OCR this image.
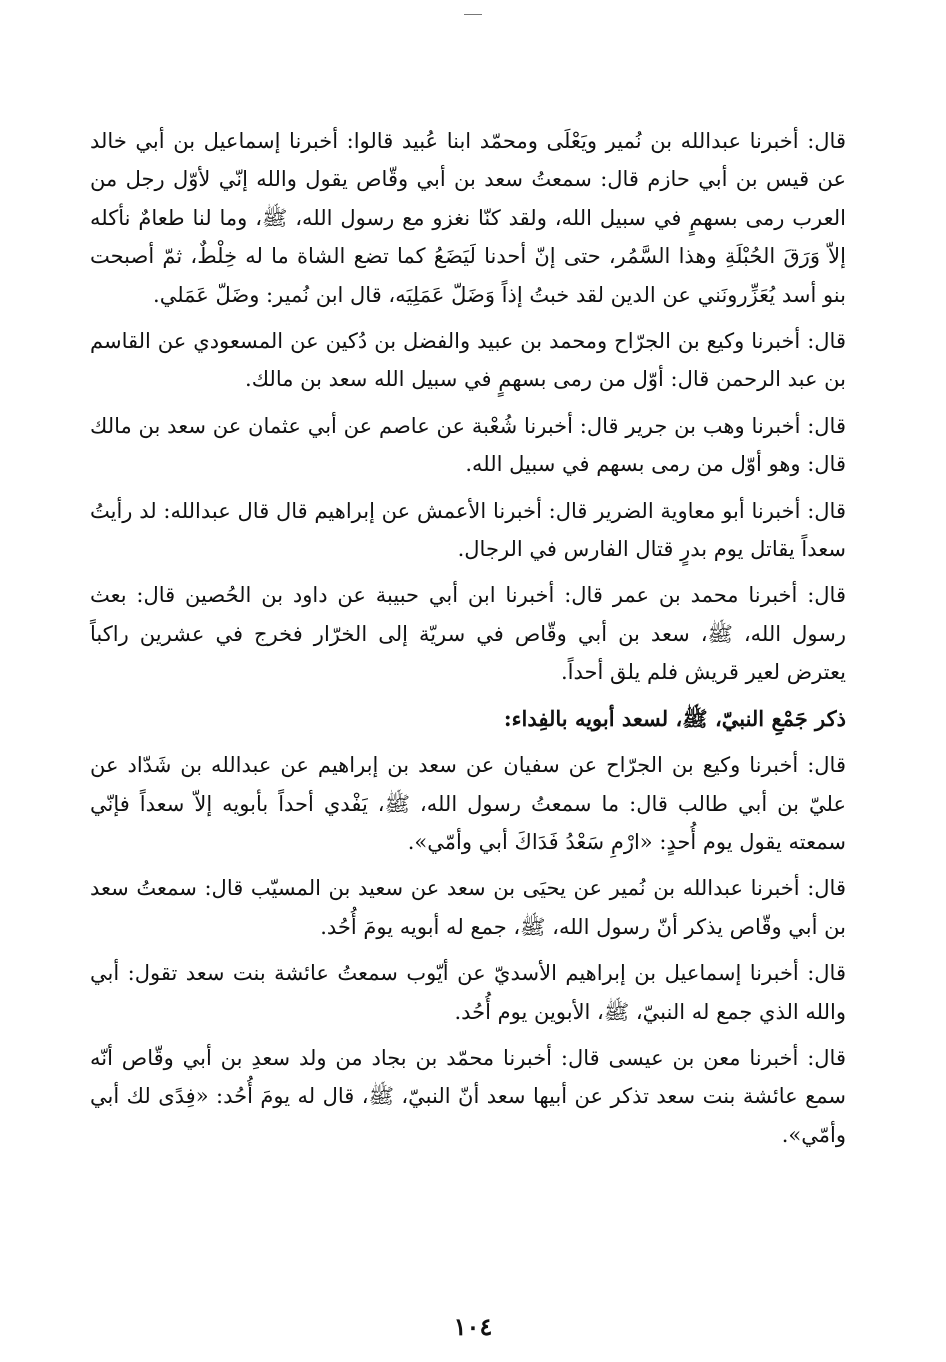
قال: أخبرنا عبدالله بن نُمير ويَعْلَى ومحمّد ابنا عُبيد قالوا: أخبرنا إسماعيل بن أبي خالد عن قيس بن أبي حازم قال: سمعتُ سعد بن أبي وقّاص يقول والله إنّي لأوّل رجل من العرب رمى بسهمٍ في سبيل الله، ولقد كنّا نغزو مع رسول الله، ﷺ، وما لنا طعامٌ نأكله إلاّ وَرَقَ الحُبْلَةِ وهذا السَّمُر، حتى إنّ أحدنا لَيَضَعُ كما تضع الشاة ما له خِلْطٌ، ثمّ أصبحت بنو أسد يُعَزِّرونَني عن الدين لقد خبتُ إذاً وَضَلّ عَمَلِيَه، قال ابن نُمير: وضَلّ عَمَلي.

قال: أخبرنا وكيع بن الجرّاح ومحمد بن عبيد والفضل بن دُكين عن المسعودي عن القاسم بن عبد الرحمن قال: أوّل من رمى بسهمٍ في سبيل الله سعد بن مالك.

قال: أخبرنا وهب بن جرير قال: أخبرنا شُعْبة عن عاصم عن أبي عثمان عن سعد بن مالك قال: وهو أوّل من رمى بسهم في سبيل الله.

قال: أخبرنا أبو معاوية الضرير قال: أخبرنا الأعمش عن إبراهيم قال قال عبدالله: لد رأيتُ سعداً يقاتل يوم بدرٍ قتال الفارس في الرجال.

قال: أخبرنا محمد بن عمر قال: أخبرنا ابن أبي حبيبة عن داود بن الحُصين قال: بعث رسول الله، ﷺ، سعد بن أبي وقّاص في سريّة إلى الخرّار فخرج في عشرين راكباً يعترض لعير قريش فلم يلق أحداً.

ذكر جَمْعِ النبيّ، ﷺ، لسعد أبويه بالفِداء:

قال: أخبرنا وكيع بن الجرّاح عن سفيان عن سعد بن إبراهيم عن عبدالله بن شَدّاد عن عليّ بن أبي طالب قال: ما سمعتُ رسول الله، ﷺ، يَفْدي أحداً بأبويه إلاّ سعداً فإنّي سمعته يقول يوم أُحدٍ: «ارْمِ سَعْدُ فَدَاكَ أبي وأمّي».

قال: أخبرنا عبدالله بن نُمير عن يحيَى بن سعد عن سعيد بن المسيّب قال: سمعتُ سعد بن أبي وقّاص يذكر أنّ رسول الله، ﷺ، جمع له أبويه يومَ أُحُد.

قال: أخبرنا إسماعيل بن إبراهيم الأسديّ عن أيّوب سمعتُ عائشة بنت سعد تقول: أبي والله الذي جمع له النبيّ، ﷺ، الأبوين يوم أُحُد.

قال: أخبرنا معن بن عيسى قال: أخبرنا محمّد بن بجاد من ولد سعدِ بن أبي وقّاص أنّه سمع عائشة بنت سعد تذكر عن أبيها سعد أنّ النبيّ، ﷺ، قال له يومَ أُحُد: «فِدًى لك أبي وأمّي».

١٠٤
